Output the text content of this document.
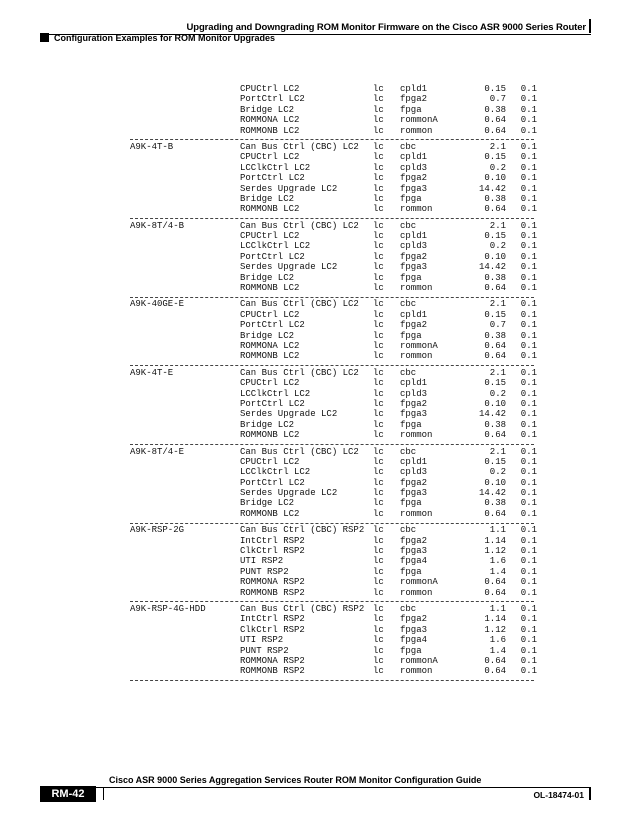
Upgrading and Downgrading ROM Monitor Firmware on the Cisco ASR 9000 Series Router
Configuration Examples for ROM Monitor Upgrades
CPUCtrl LC2	lc cpld1	0.15	0.1
PortCtrl LC2	lc fpga2	0.7	0.1
Bridge LC2	lc fpga	0.38	0.1
ROMMONA LC2	lc rommonA	0.64	0.1
ROMMONB LC2	lc rommon	0.64	0.1
A9K-4T-B	Can Bus Ctrl (CBC) LC2 lc cbc	2.1	0.1
CPUCtrl LC2	lc cpld1	0.15	0.1
LCClkCtrl LC2	lc cpld3	0.2	0.1
PortCtrl LC2	lc fpga2	0.10	0.1
Serdes Upgrade LC2	lc fpga3	14.42	0.1
Bridge LC2	lc fpga	0.38	0.1
ROMMONB LC2	lc rommon	0.64	0.1
A9K-8T/4-B	Can Bus Ctrl (CBC) LC2 lc cbc	2.1	0.1
CPUCtrl LC2	lc cpld1	0.15	0.1
LCClkCtrl LC2	lc cpld3	0.2	0.1
PortCtrl LC2	lc fpga2	0.10	0.1
Serdes Upgrade LC2	lc fpga3	14.42	0.1
Bridge LC2	lc fpga	0.38	0.1
ROMMONB LC2	lc rommon	0.64	0.1
A9K-40GE-E	Can Bus Ctrl (CBC) LC2 lc cbc	2.1	0.1
CPUCtrl LC2	lc cpld1	0.15	0.1
PortCtrl LC2	lc fpga2	0.7	0.1
Bridge LC2	lc fpga	0.38	0.1
ROMMONA LC2	lc rommonA	0.64	0.1
ROMMONB LC2	lc rommon	0.64	0.1
A9K-4T-E	Can Bus Ctrl (CBC) LC2 lc cbc	2.1	0.1
CPUCtrl LC2	lc cpld1	0.15	0.1
LCClkCtrl LC2	lc cpld3	0.2	0.1
PortCtrl LC2	lc fpga2	0.10	0.1
Serdes Upgrade LC2	lc fpga3	14.42	0.1
Bridge LC2	lc fpga	0.38	0.1
ROMMONB LC2	lc rommon	0.64	0.1
A9K-8T/4-E	Can Bus Ctrl (CBC) LC2 lc cbc	2.1	0.1
CPUCtrl LC2	lc cpld1	0.15	0.1
LCClkCtrl LC2	lc cpld3	0.2	0.1
PortCtrl LC2	lc fpga2	0.10	0.1
Serdes Upgrade LC2	lc fpga3	14.42	0.1
Bridge LC2	lc fpga	0.38	0.1
ROMMONB LC2	lc rommon	0.64	0.1
A9K-RSP-2G	Can Bus Ctrl (CBC) RSP2 lc cbc	1.1	0.1
IntCtrl RSP2	lc fpga2	1.14	0.1
ClkCtrl RSP2	lc fpga3	1.12	0.1
UTI RSP2	lc fpga4	1.6	0.1
PUNT RSP2	lc fpga	1.4	0.1
ROMMONA RSP2	lc rommonA	0.64	0.1
ROMMONB RSP2	lc rommon	0.64	0.1
A9K-RSP-4G-HDD	Can Bus Ctrl (CBC) RSP2 lc cbc	1.1	0.1
IntCtrl RSP2	lc fpga2	1.14	0.1
ClkCtrl RSP2	lc fpga3	1.12	0.1
UTI RSP2	lc fpga4	1.6	0.1
PUNT RSP2	lc fpga	1.4	0.1
ROMMONA RSP2	lc rommonA	0.64	0.1
ROMMONB RSP2	lc rommon	0.64	0.1
Cisco ASR 9000 Series Aggregation Services Router ROM Monitor Configuration Guide
RM-42	OL-18474-01
